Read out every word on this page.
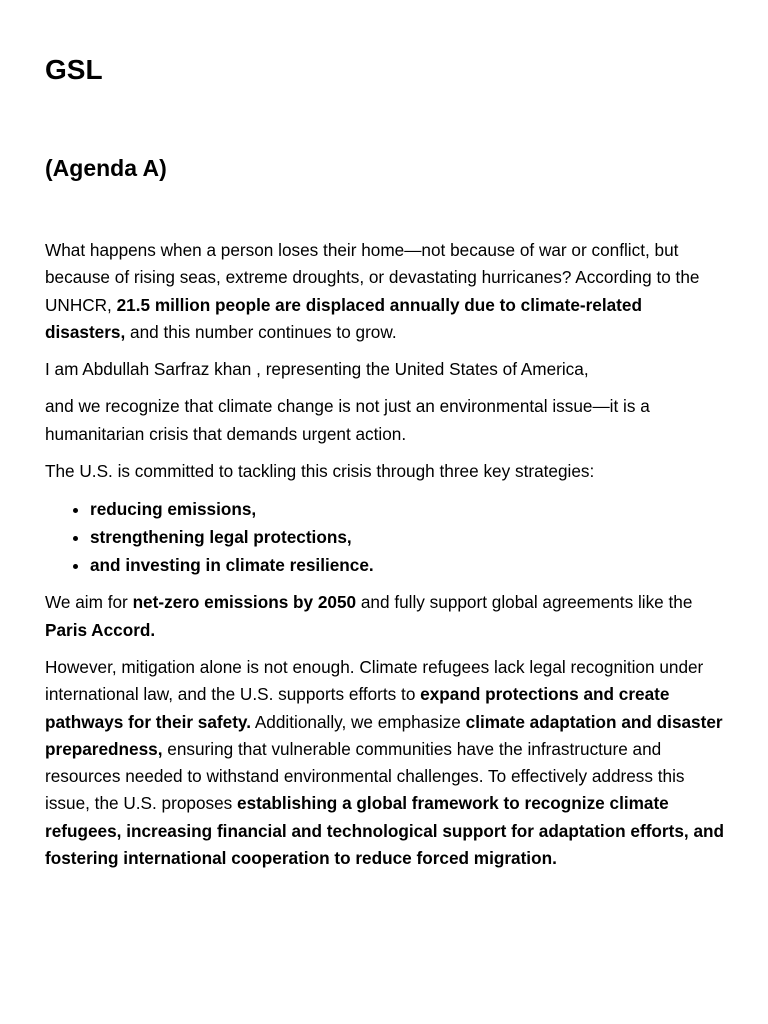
GSL
(Agenda A)

What happens when a person loses their home—not because of war or conflict, but because of rising seas, extreme droughts, or devastating hurricanes? According to the UNHCR, 21.5 million people are displaced annually due to climate-related disasters, and this number continues to grow.

I am Abdullah Sarfraz khan , representing the United States of America,

and we recognize that climate change is not just an environmental issue—it is a humanitarian crisis that demands urgent action.

The U.S. is committed to tackling this crisis through three key strategies:

• reducing emissions,
• strengthening legal protections,
• and investing in climate resilience.

We aim for net-zero emissions by 2050 and fully support global agreements like the Paris Accord.

However, mitigation alone is not enough. Climate refugees lack legal recognition under international law, and the U.S. supports efforts to expand protections and create pathways for their safety. Additionally, we emphasize climate adaptation and disaster preparedness, ensuring that vulnerable communities have the infrastructure and resources needed to withstand environmental challenges. To effectively address this issue, the U.S. proposes establishing a global framework to recognize climate refugees, increasing financial and technological support for adaptation efforts, and fostering international cooperation to reduce forced migration.
